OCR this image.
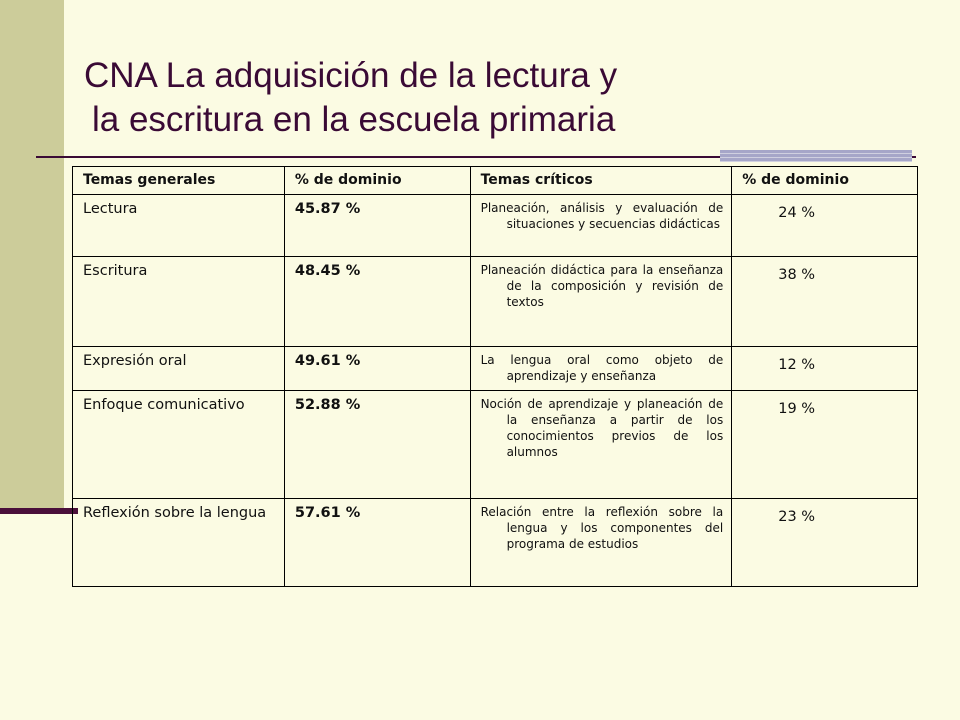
CNA La adquisición de la lectura y
la escritura en la escuela primaria
Temas generales	% de dominio	Temas críticos	% de dominio
Lectura	45.87 %	Planeación, análisis y evaluación de situaciones y secuencias didácticas	24 %
Escritura	48.45 %	Planeación didáctica para la enseñanza de la composición y revisión de textos	38 %
Expresión oral	49.61 %	La lengua oral como objeto de aprendizaje y enseñanza	12 %
Enfoque comunicativo	52.88 %	Noción de aprendizaje y planeación de la enseñanza a partir de los conocimientos previos de los alumnos	19 %
Reflexión sobre la lengua	57.61 %	Relación entre la reflexión sobre la lengua y los componentes del programa de estudios	23 %
